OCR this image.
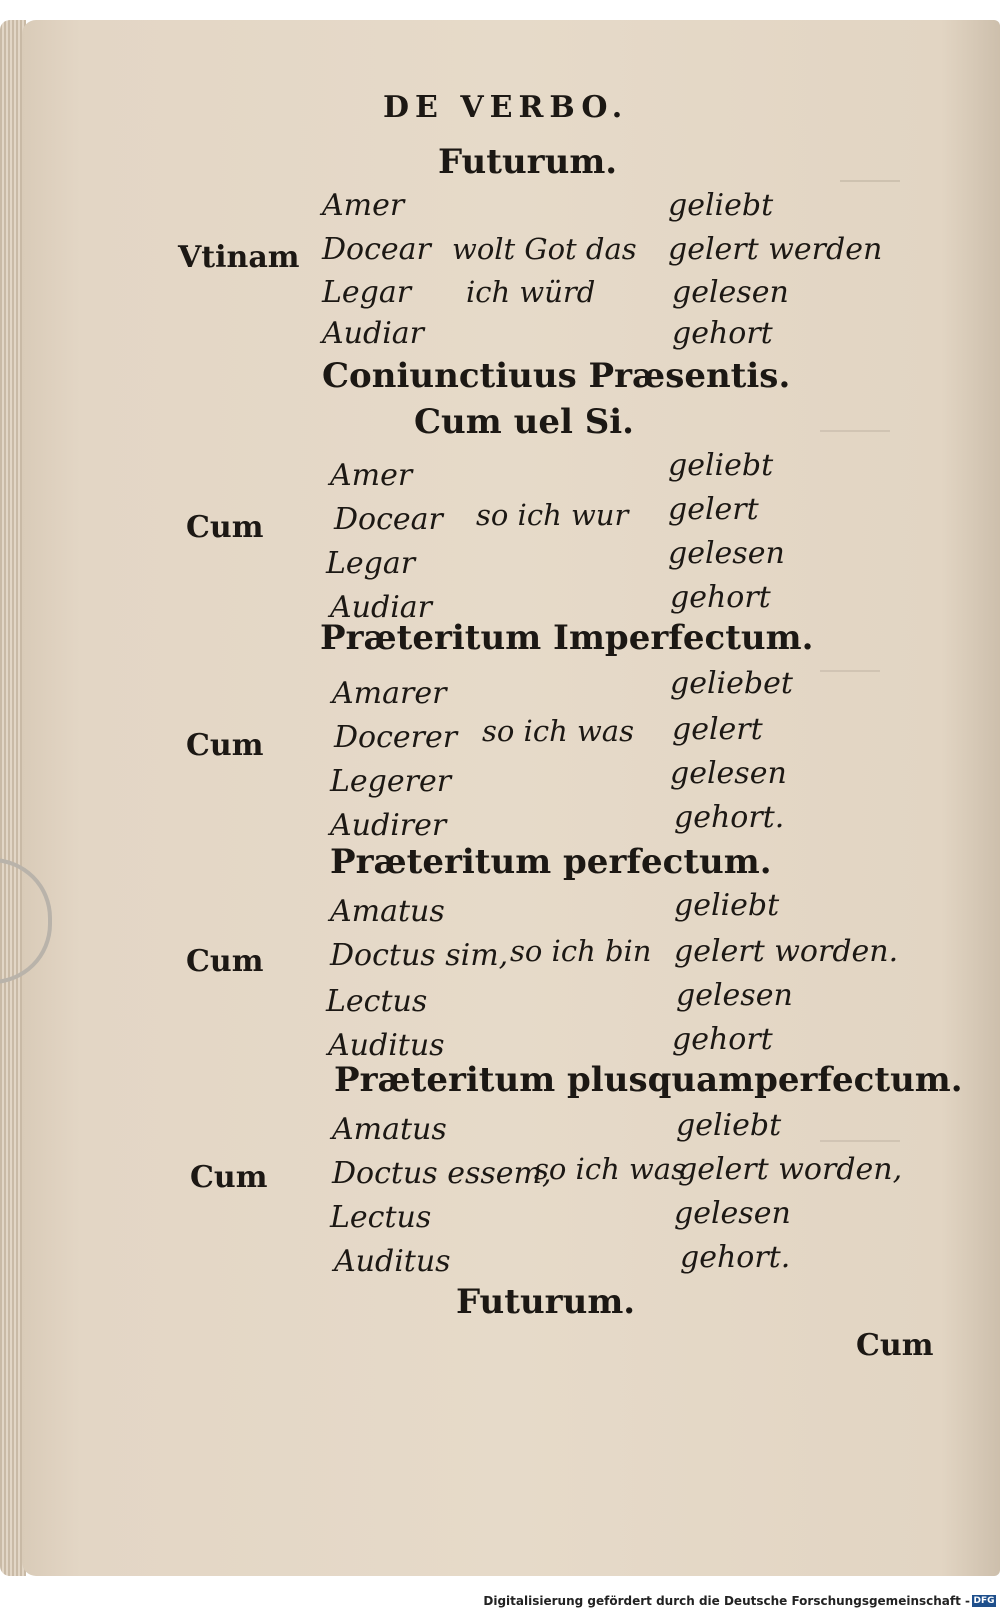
DE VERBO.
Futurum.
Vtinam
Amer
Docear
Legar
Audiar
wolt Got das
ich würd
geliebt
gelert werden
gelesen
gehort
Coniunctiuus Præsentis.
Cum uel Si.
Cum
Amer
Docear
Legar
Audiar
so ich wur
geliebt
gelert
gelesen
gehort
Præteritum Imperfectum.
Cum
Amarer
Docerer
Legerer
Audirer
so ich was
geliebet
gelert
gelesen
gehort.
Præteritum perfectum.
Cum
Amatus
Doctus sim,
Lectus
Auditus
so ich bin
geliebt
gelert worden.
gelesen
gehort
Præteritum plusquamperfectum.
Cum
Amatus
Doctus essem,
Lectus
Auditus
so ich was
geliebt
gelert worden,
gelesen
gehort.
Futurum.
Cum
Digitalisierung gefördert durch die Deutsche Forschungsgemeinschaft - DFG
